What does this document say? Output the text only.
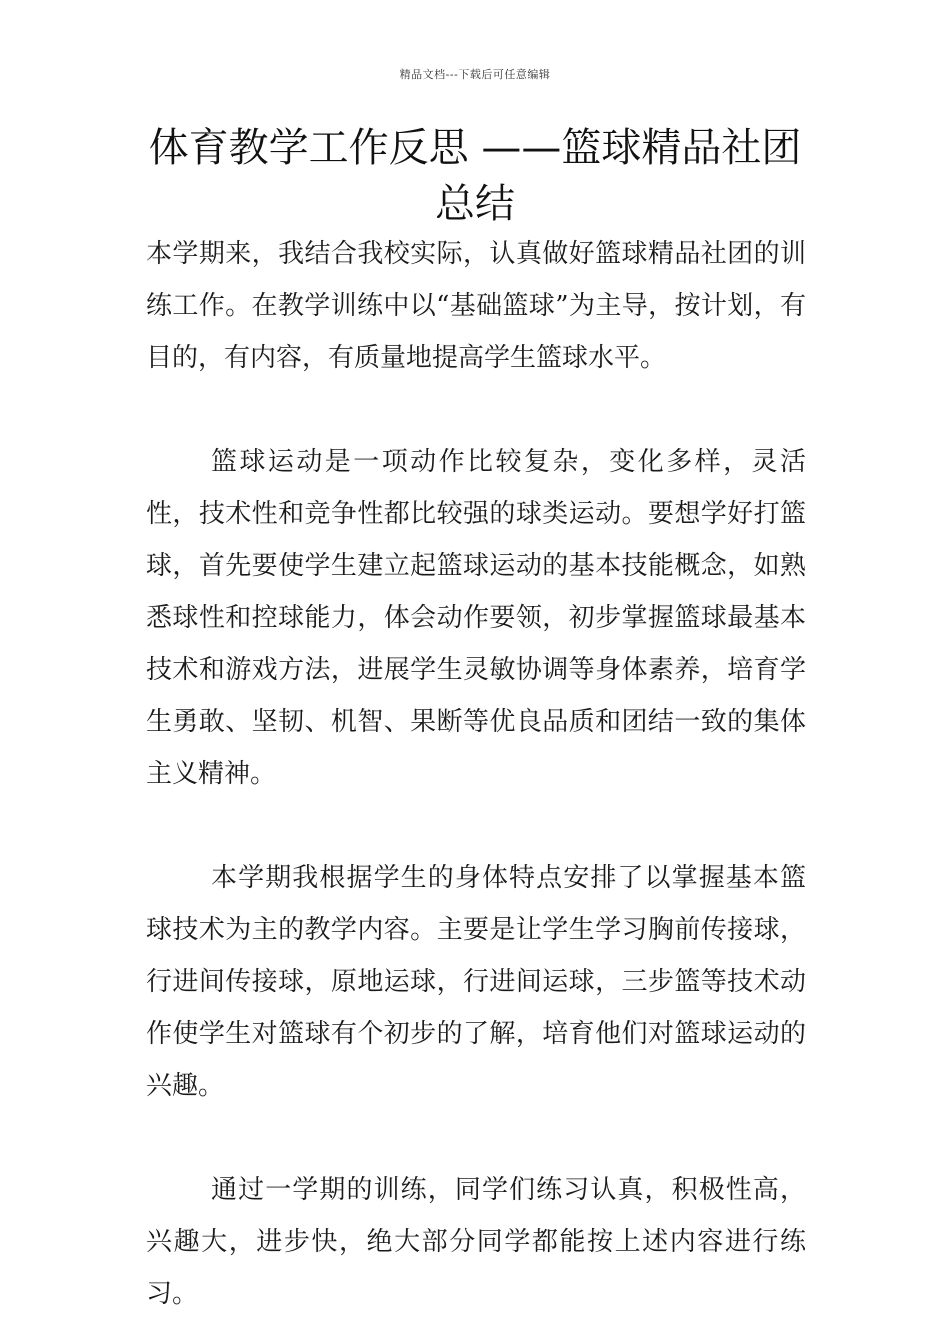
精品文档---下载后可任意编辑
体育教学工作反思 ——篮球精品社团总结

本学期来，我结合我校实际，认真做好篮球精品社团的训练工作。在教学训练中以“基础篮球”为主导，按计划，有目的，有内容，有质量地提高学生篮球水平。

篮球运动是一项动作比较复杂，变化多样，灵活性，技术性和竞争性都比较强的球类运动。要想学好打篮球，首先要使学生建立起篮球运动的基本技能概念，如熟悉球性和控球能力，体会动作要领，初步掌握篮球最基本技术和游戏方法，进展学生灵敏协调等身体素养，培育学生勇敢、坚韧、机智、果断等优良品质和团结一致的集体主义精神。

本学期我根据学生的身体特点安排了以掌握基本篮球技术为主的教学内容。主要是让学生学习胸前传接球，行进间传接球，原地运球，行进间运球，三步篮等技术动作使学生对篮球有个初步的了解，培育他们对篮球运动的兴趣。

通过一学期的训练，同学们练习认真，积极性高，兴趣大，进步快，绝大部分同学都能按上述内容进行练习。
